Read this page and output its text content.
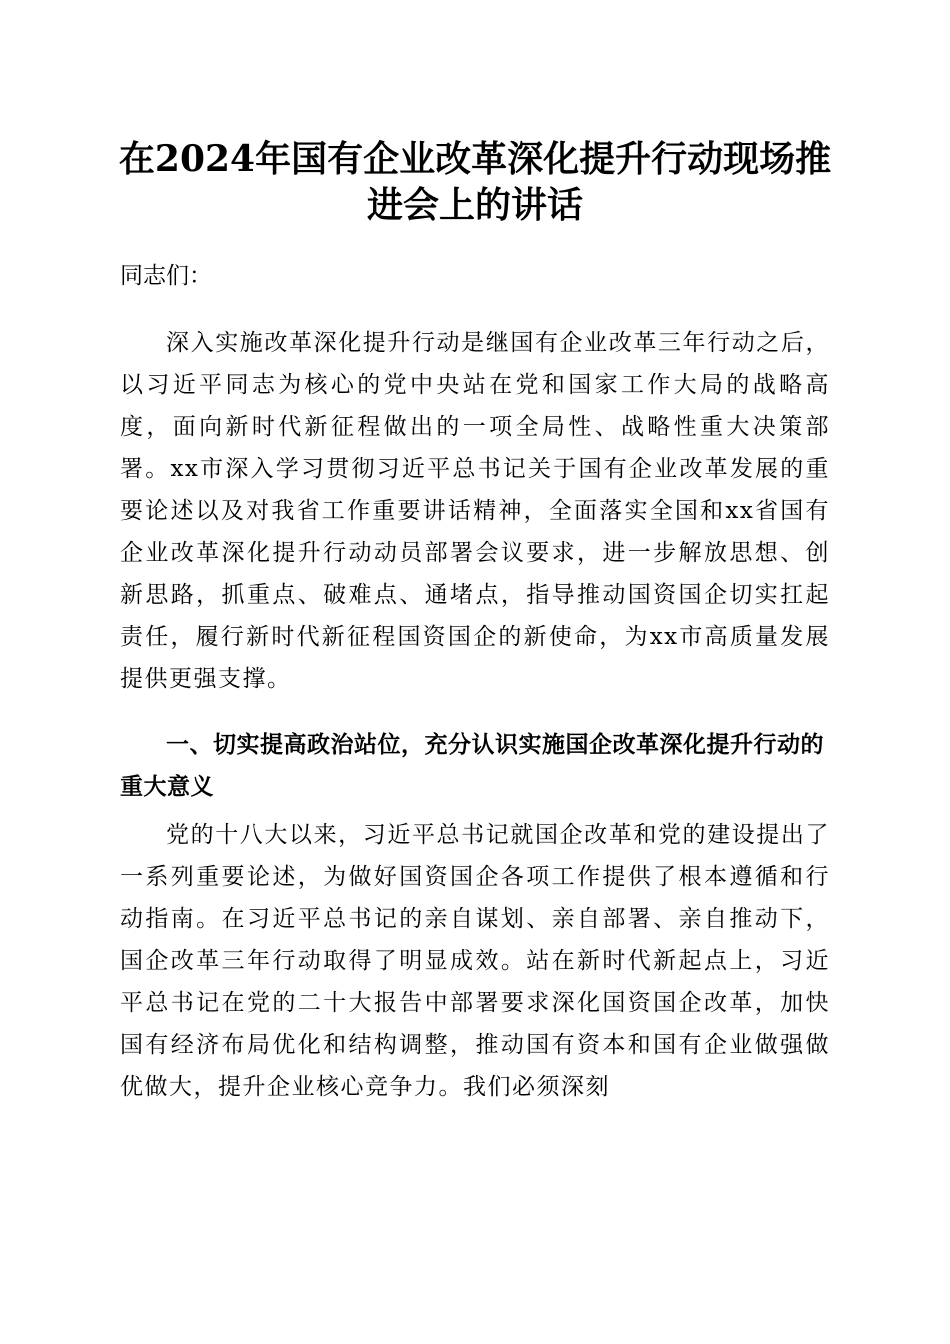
在2024年国有企业改革深化提升行动现场推
进会上的讲话
同志们：
深入实施改革深化提升行动是继国有企业改革三年行动之后，以习近平同志为核心的党中央站在党和国家工作大局的战略高度，面向新时代新征程做出的一项全局性、战略性重大决策部署。xx市深入学习贯彻习近平总书记关于国有企业改革发展的重要论述以及对我省工作重要讲话精神，全面落实全国和xx省国有企业改革深化提升行动动员部署会议要求，进一步解放思想、创新思路，抓重点、破难点、通堵点，指导推动国资国企切实扛起责任，履行新时代新征程国资国企的新使命，为xx市高质量发展提供更强支撑。
一、切实提高政治站位，充分认识实施国企改革深化提升行动的重大意义
党的十八大以来，习近平总书记就国企改革和党的建设提出了一系列重要论述，为做好国资国企各项工作提供了根本遵循和行动指南。在习近平总书记的亲自谋划、亲自部署、亲自推动下，国企改革三年行动取得了明显成效。站在新时代新起点上，习近平总书记在党的二十大报告中部署要求深化国资国企改革，加快国有经济布局优化和结构调整，推动国有资本和国有企业做强做优做大，提升企业核心竞争力。我们必须深刻
